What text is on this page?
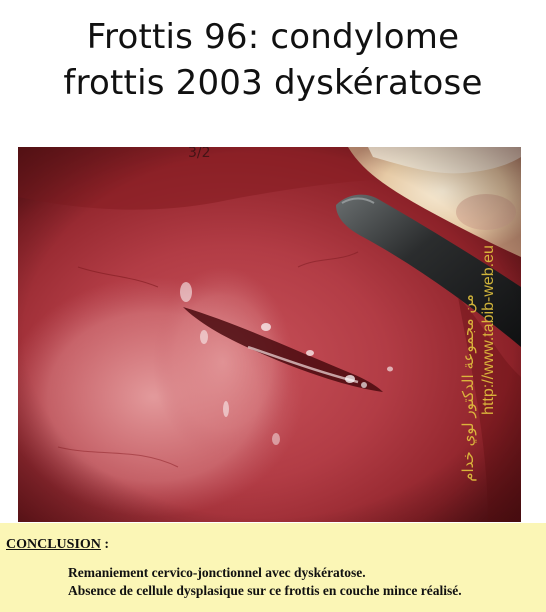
Frottis 96: condylome
frottis 2003 dyskératose
http://www.tabib-web.eu
من مجموعة الدكتور لوي خدام
CONCLUSION :
Remaniement cervico-jonctionnel avec dyskératose.
Absence de cellule dysplasique sur ce frottis en couche mince réalisé.
